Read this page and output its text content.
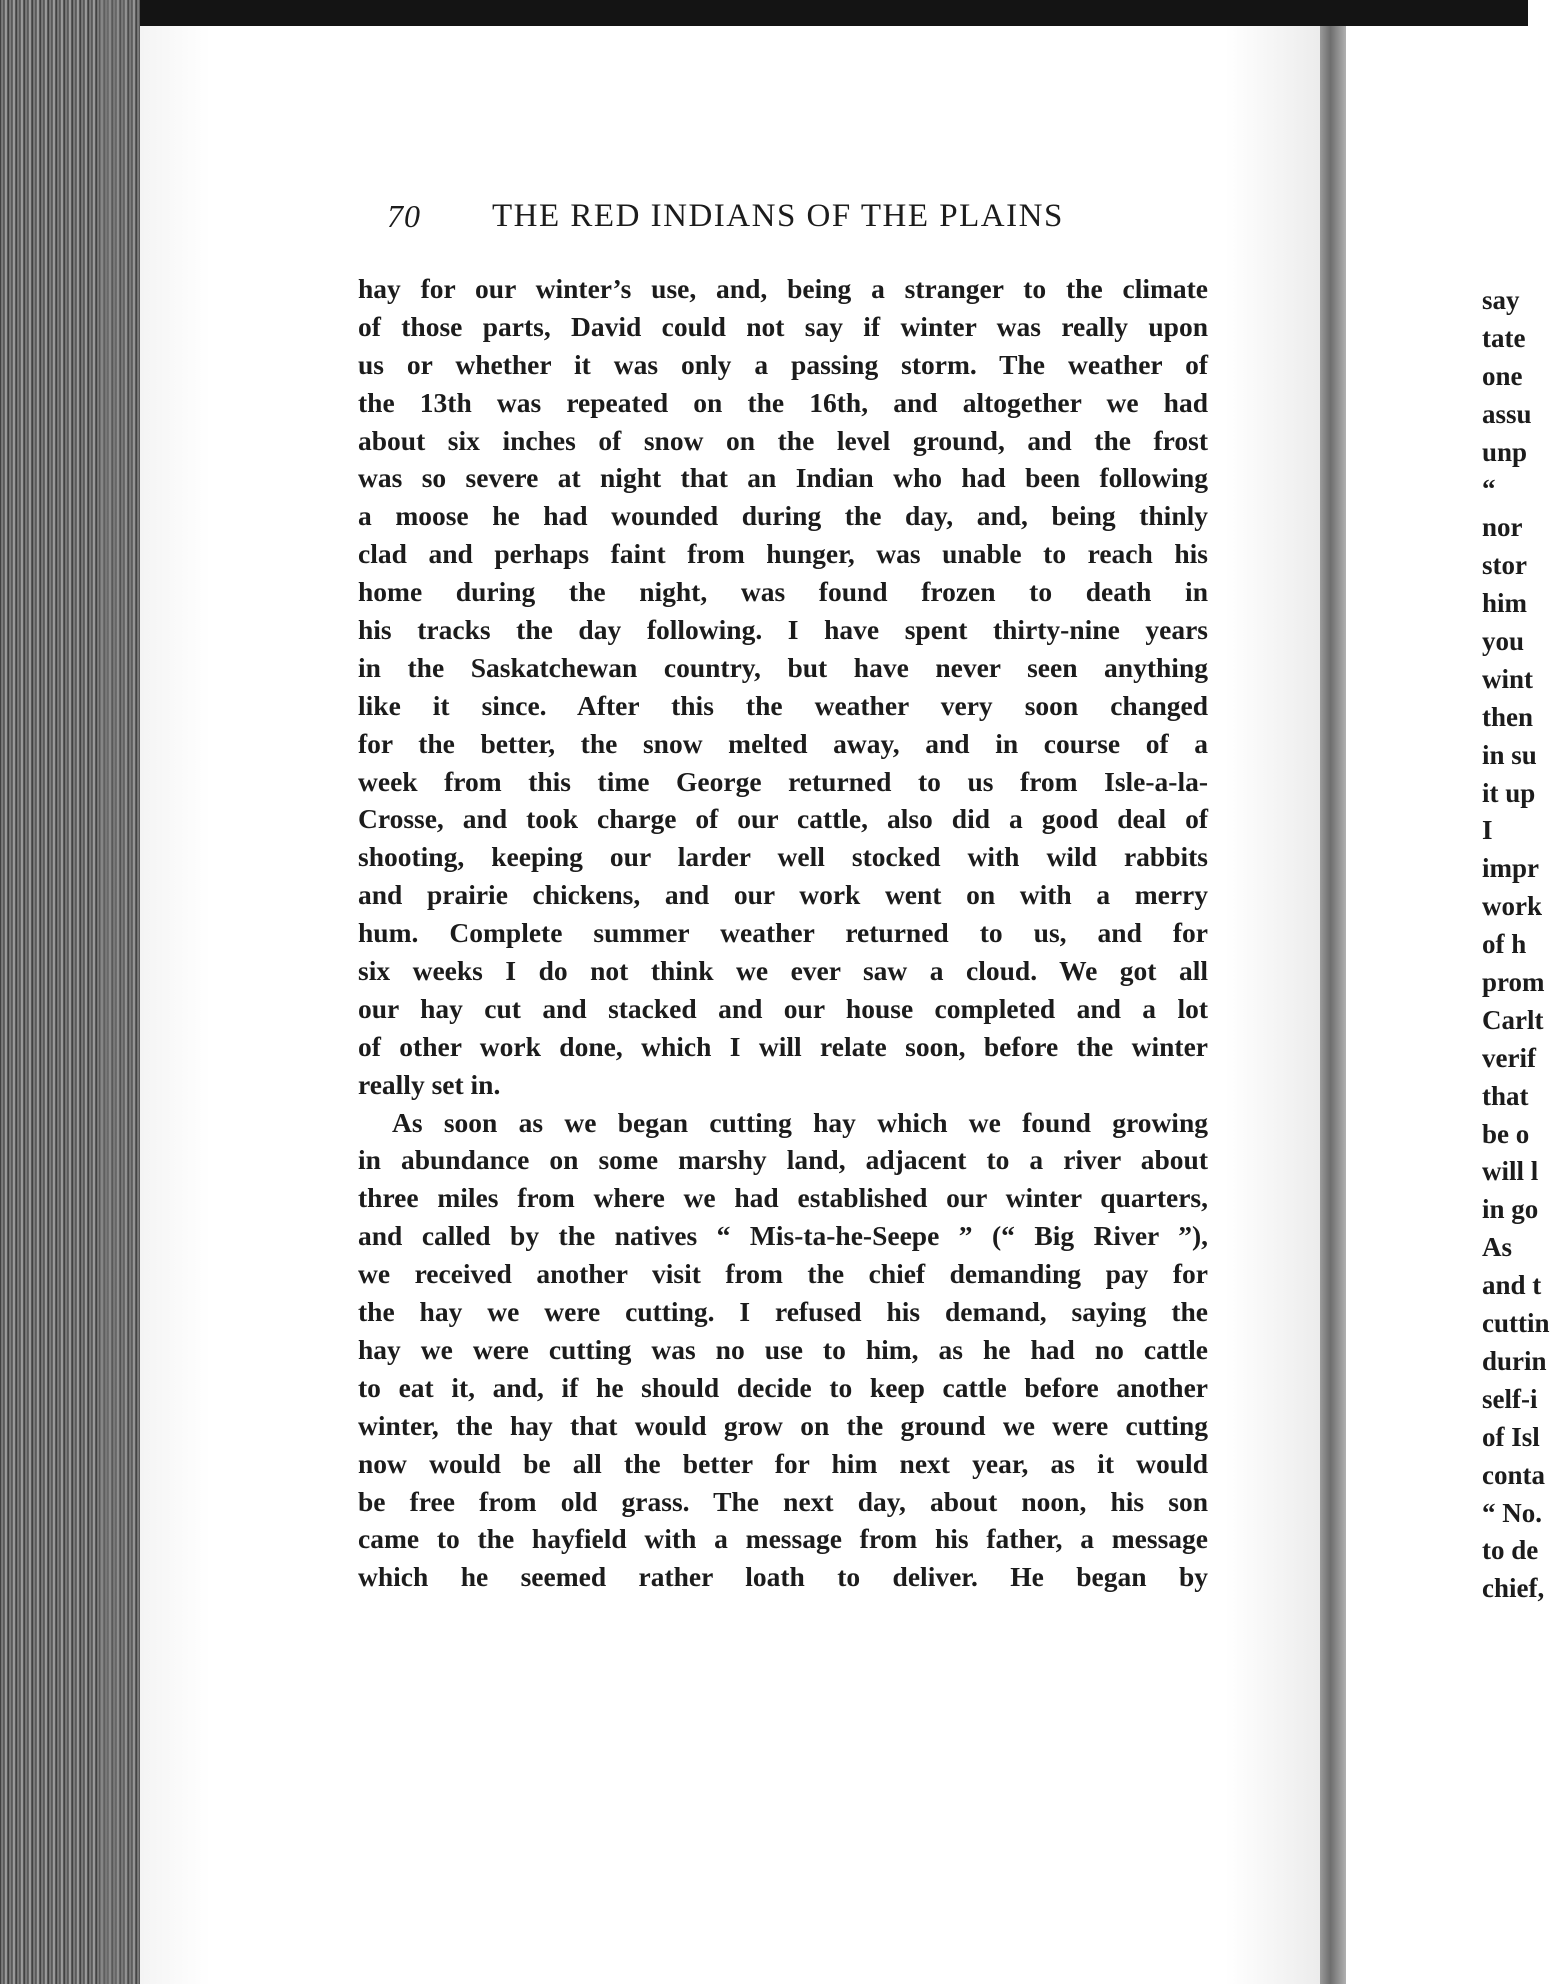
70 THE RED INDIANS OF THE PLAINS
hay for our winter’s use, and, being a stranger to the climate
of those parts, David could not say if winter was really upon
us or whether it was only a passing storm. The weather of
the 13th was repeated on the 16th, and altogether we had
about six inches of snow on the level ground, and the frost
was so severe at night that an Indian who had been following
a moose he had wounded during the day, and, being thinly
clad and perhaps faint from hunger, was unable to reach his
home during the night, was found frozen to death in
his tracks the day following. I have spent thirty-nine years
in the Saskatchewan country, but have never seen anything
like it since. After this the weather very soon changed
for the better, the snow melted away, and in course of a
week from this time George returned to us from Isle-a-la-
Crosse, and took charge of our cattle, also did a good deal of
shooting, keeping our larder well stocked with wild rabbits
and prairie chickens, and our work went on with a merry
hum. Complete summer weather returned to us, and for
six weeks I do not think we ever saw a cloud. We got all
our hay cut and stacked and our house completed and a lot
of other work done, which I will relate soon, before the winter
really set in.
As soon as we began cutting hay which we found growing
in abundance on some marshy land, adjacent to a river about
three miles from where we had established our winter quarters,
and called by the natives “ Mis-ta-he-Seepe ” (“ Big River ”),
we received another visit from the chief demanding pay for
the hay we were cutting. I refused his demand, saying the
hay we were cutting was no use to him, as he had no cattle
to eat it, and, if he should decide to keep cattle before another
winter, the hay that would grow on the ground we were cutting
now would be all the better for him next year, as it would
be free from old grass. The next day, about noon, his son
came to the hayfield with a message from his father, a message
which he seemed rather loath to deliver. He began by
say
tate
one
assu
unp
“
nor
stor
him
you
wint
then
in su
it up
I
impr
work
of h
prom
Carlt
verif
that
be o
will l
in go
As
and t
cuttin
durin
self-i
of Isl
conta
“ No.
to de
chief,
